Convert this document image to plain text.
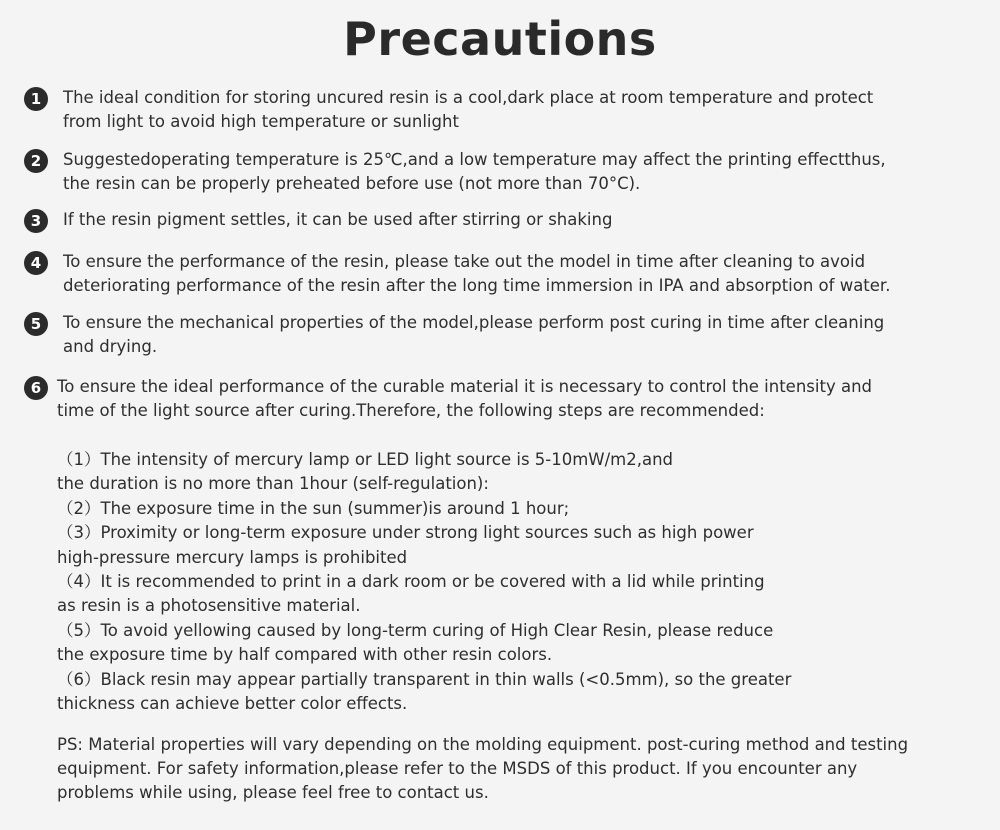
Precautions
1	The ideal condition for storing uncured resin is a cool,dark place at room temperature and protect
from light to avoid high temperature or sunlight

2	Suggestedoperating temperature is 25℃,and a low temperature may affect the printing effectthus,
the resin can be properly preheated before use (not more than 70°C).

3	If the resin pigment settles, it can be used after stirring or shaking

4	To ensure the performance of the resin, please take out the model in time after cleaning to avoid
deteriorating performance of the resin after the long time immersion in IPA and absorption of water.

5	To ensure the mechanical properties of the model,please perform post curing in time after cleaning
and drying.

6 To ensure the ideal performance of the curable material it is necessary to control the intensity and
time of the light source after curing.Therefore, the following steps are recommended:

（1）The intensity of mercury lamp or LED light source is 5-10mW/m2,and
the duration is no more than 1hour (self-regulation):
（2）The exposure time in the sun (summer)is around 1 hour;
（3）Proximity or long-term exposure under strong light sources such as high power
high-pressure mercury lamps is prohibited
（4）It is recommended to print in a dark room or be covered with a lid while printing
as resin is a photosensitive material.
（5）To avoid yellowing caused by long-term curing of High Clear Resin, please reduce
the exposure time by half compared with other resin colors.
（6）Black resin may appear partially transparent in thin walls (<0.5mm), so the greater
thickness can achieve better color effects.
PS: Material properties will vary depending on the molding equipment. post-curing method and testing
equipment. For safety information,please refer to the MSDS of this product. If you encounter any
problems while using, please feel free to contact us.
